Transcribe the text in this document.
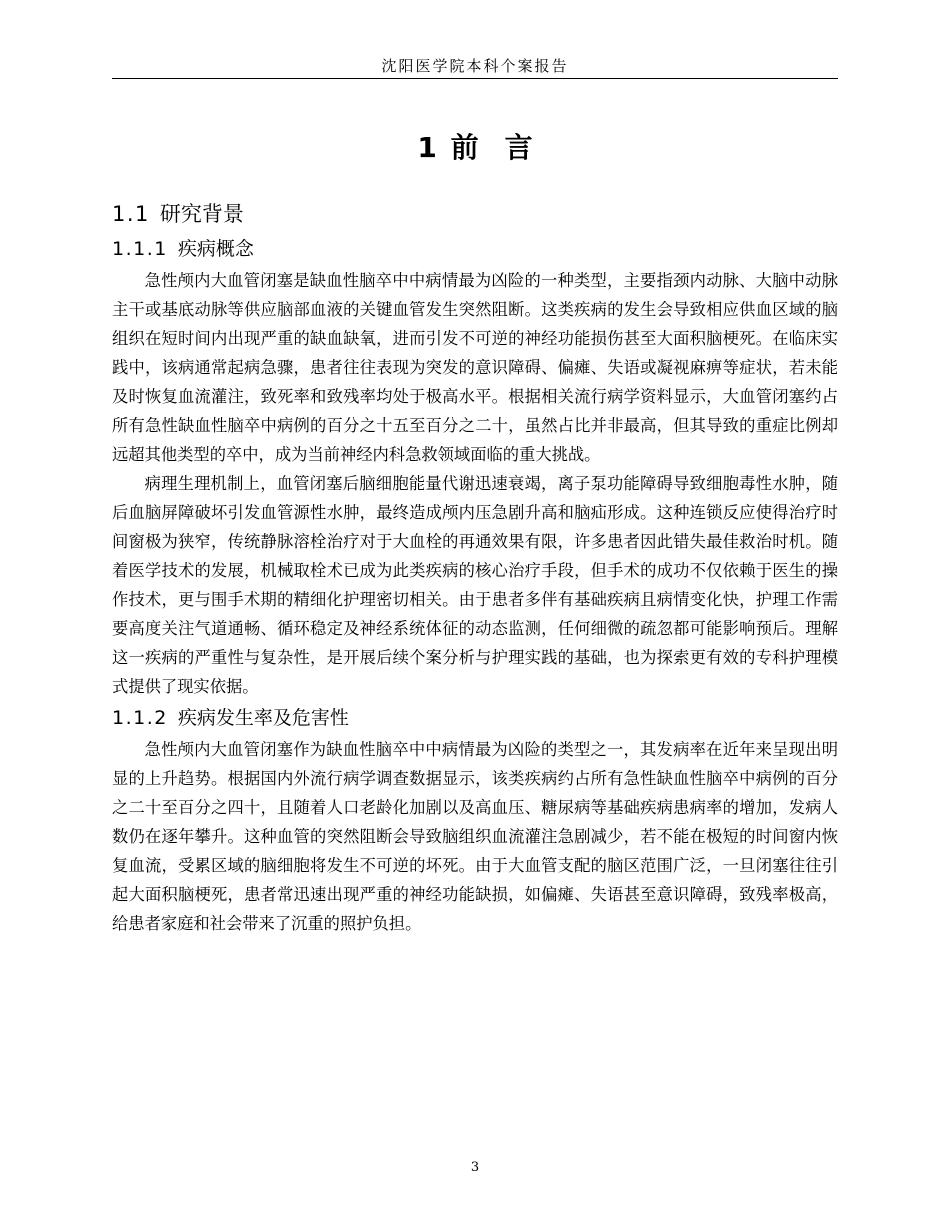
沈阳医学院本科个案报告
1 前 言
1.1 研究背景
1.1.1 疾病概念

急性颅内大血管闭塞是缺血性脑卒中中病情最为凶险的一种类型，主要指颈内动脉、大脑中动脉主干或基底动脉等供应脑部血液的关键血管发生突然阻断。这类疾病的发生会导致相应供血区域的脑组织在短时间内出现严重的缺血缺氧，进而引发不可逆的神经功能损伤甚至大面积脑梗死。在临床实践中，该病通常起病急骤，患者往往表现为突发的意识障碍、偏瘫、失语或凝视麻痹等症状，若未能及时恢复血流灌注，致死率和致残率均处于极高水平。根据相关流行病学资料显示，大血管闭塞约占所有急性缺血性脑卒中病例的百分之十五至百分之二十，虽然占比并非最高，但其导致的重症比例却远超其他类型的卒中，成为当前神经内科急救领域面临的重大挑战。

病理生理机制上，血管闭塞后脑细胞能量代谢迅速衰竭，离子泵功能障碍导致细胞毒性水肿，随后血脑屏障破坏引发血管源性水肿，最终造成颅内压急剧升高和脑疝形成。这种连锁反应使得治疗时间窗极为狭窄，传统静脉溶栓治疗对于大血栓的再通效果有限，许多患者因此错失最佳救治时机。随着医学技术的发展，机械取栓术已成为此类疾病的核心治疗手段，但手术的成功不仅依赖于医生的操作技术，更与围手术期的精细化护理密切相关。由于患者多伴有基础疾病且病情变化快，护理工作需要高度关注气道通畅、循环稳定及神经系统体征的动态监测，任何细微的疏忽都可能影响预后。理解这一疾病的严重性与复杂性，是开展后续个案分析与护理实践的基础，也为探索更有效的专科护理模式提供了现实依据。

1.1.2 疾病发生率及危害性

急性颅内大血管闭塞作为缺血性脑卒中中病情最为凶险的类型之一，其发病率在近年来呈现出明显的上升趋势。根据国内外流行病学调查数据显示，该类疾病约占所有急性缺血性脑卒中病例的百分之二十至百分之四十，且随着人口老龄化加剧以及高血压、糖尿病等基础疾病患病率的增加，发病人数仍在逐年攀升。这种血管的突然阻断会导致脑组织血流灌注急剧减少，若不能在极短的时间窗内恢复血流，受累区域的脑细胞将发生不可逆的坏死。由于大血管支配的脑区范围广泛，一旦闭塞往往引起大面积脑梗死，患者常迅速出现严重的神经功能缺损，如偏瘫、失语甚至意识障碍，致残率极高，给患者家庭和社会带来了沉重的照护负担。

3
